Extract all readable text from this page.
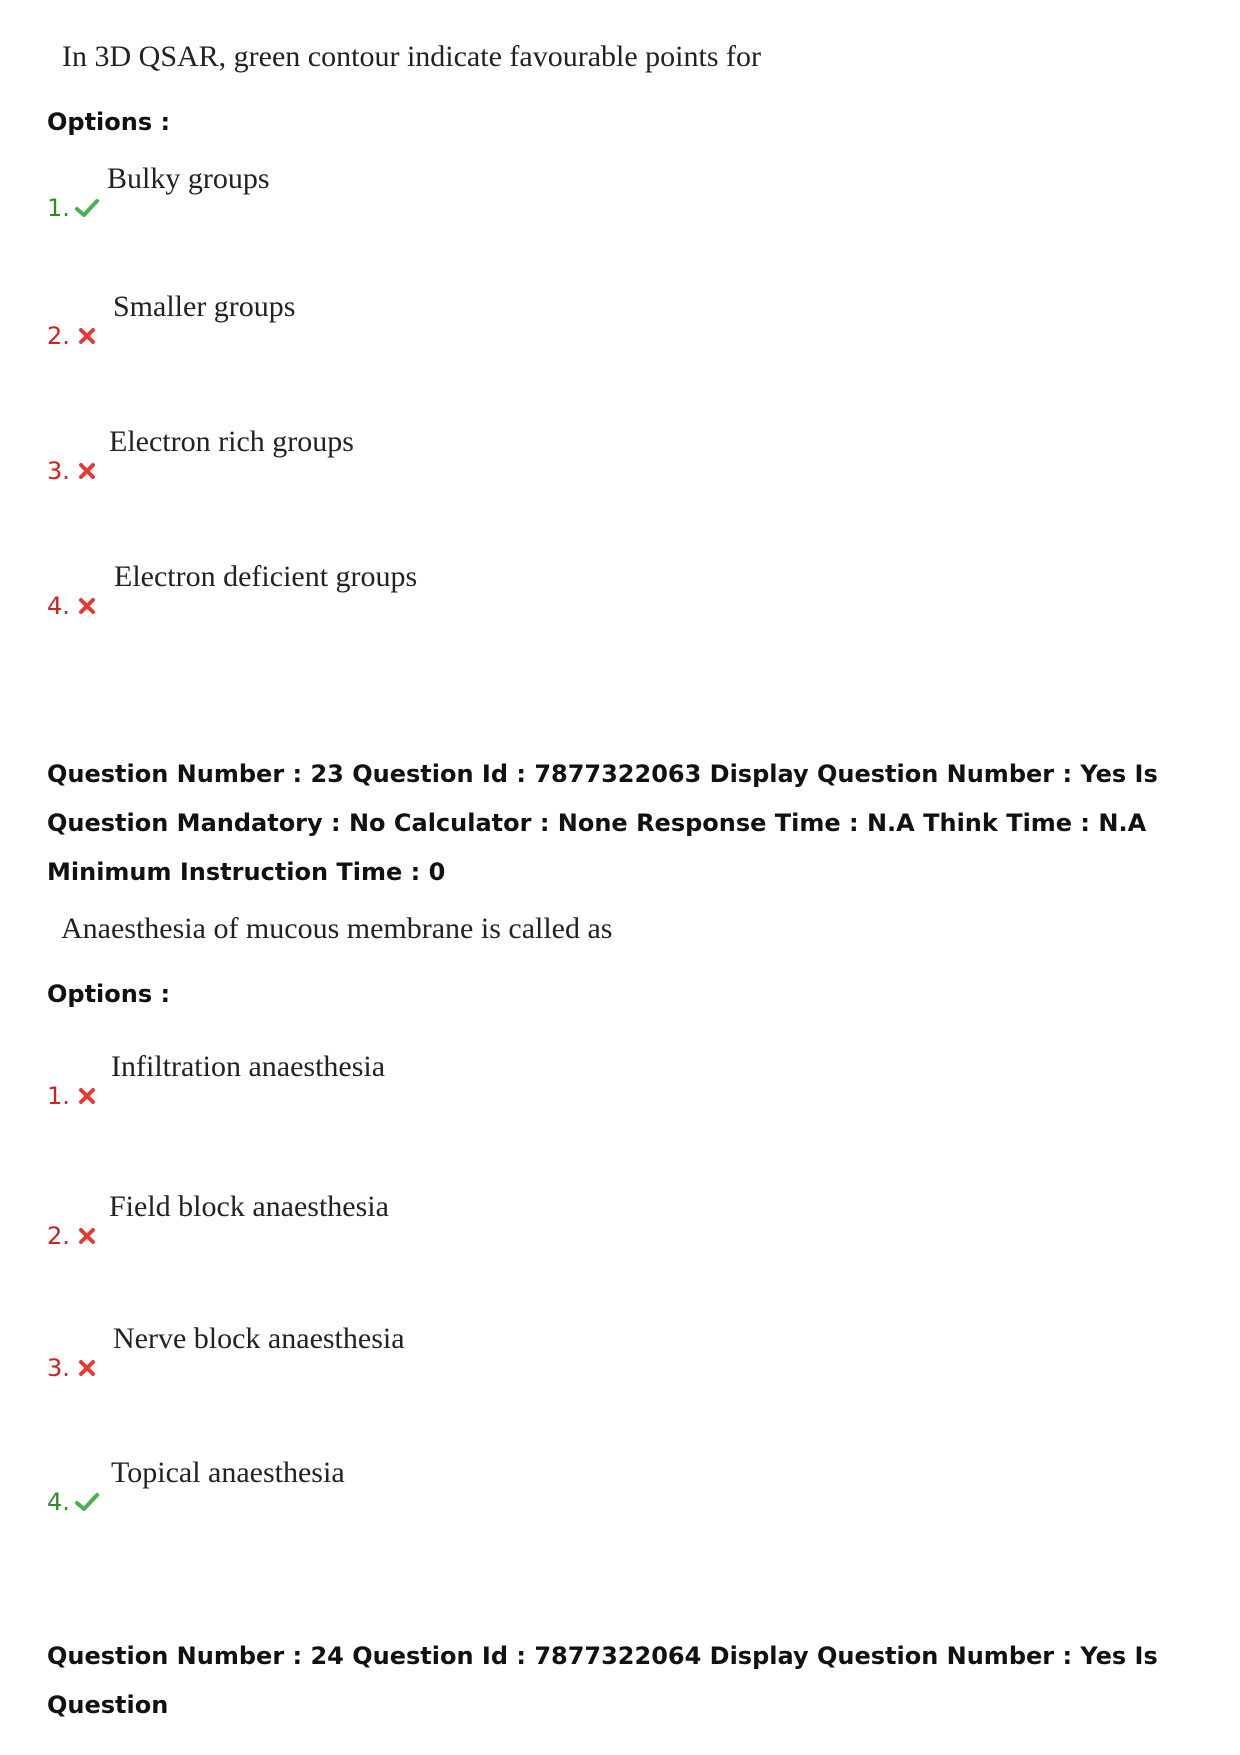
In 3D QSAR, green contour indicate favourable points for
Options :
1.
Bulky groups
2.
Smaller groups
3.
Electron rich groups
4.
Electron deficient groups
Question Number : 23 Question Id : 7877322063 Display Question Number : Yes Is Question Mandatory : No Calculator : None Response Time : N.A Think Time : N.A Minimum Instruction Time : 0
Anaesthesia of mucous membrane is called as
Options :
1.
Infiltration anaesthesia
2.
Field block anaesthesia
3.
Nerve block anaesthesia
4.
Topical anaesthesia
Question Number : 24 Question Id : 7877322064 Display Question Number : Yes Is Question
